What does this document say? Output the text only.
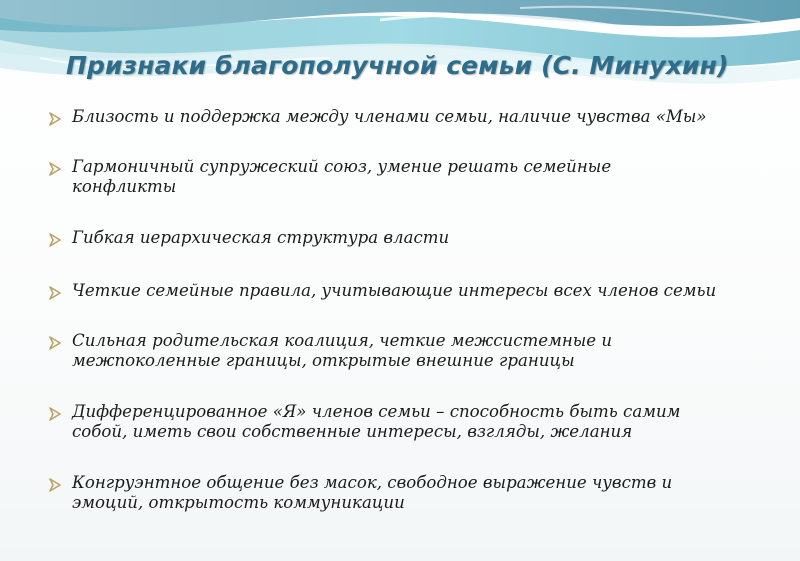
Признаки благополучной семьи (С. Минухин)
Близость и поддержка между членами семьи, наличие чувства «Мы»
Гармоничный супружеский союз, умение решать семейные
конфликты
Гибкая иерархическая структура власти
Четкие семейные правила, учитывающие интересы всех членов семьи
Сильная родительская коалиция, четкие межсистемные и
межпоколенные границы, открытые внешние границы
Дифференцированное «Я» членов семьи – способность быть самим
собой, иметь свои собственные интересы, взгляды, желания
Конгруэнтное общение без масок, свободное выражение чувств и
эмоций, открытость коммуникации
